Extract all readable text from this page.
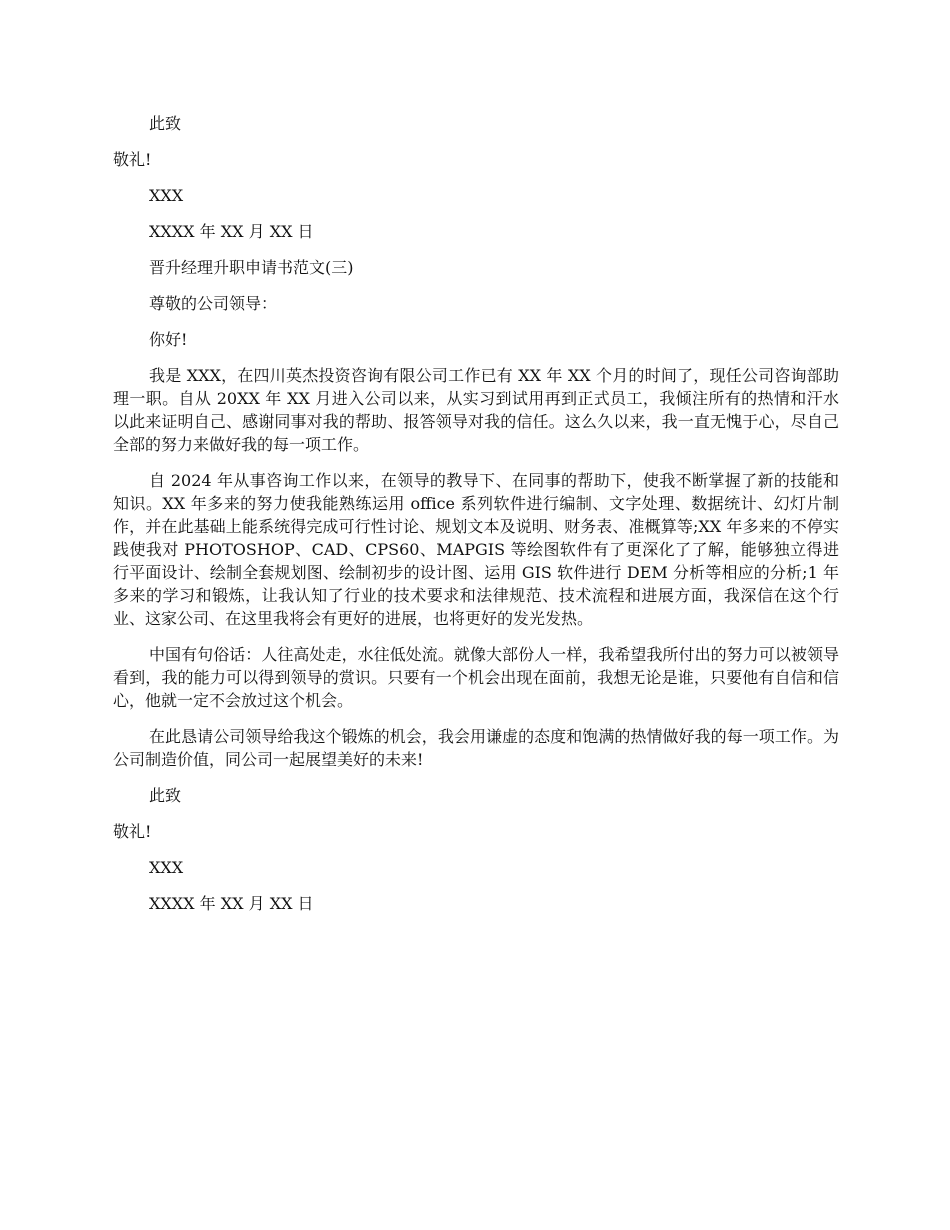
此致
敬礼!
XXX
XXXX 年 XX 月 XX 日
晋升经理升职申请书范文(三)
尊敬的公司领导：
你好!

我是 XXX，在四川英杰投资咨询有限公司工作已有 XX 年 XX 个月的时间了，现任公司咨询部助理一职。自从 20XX 年 XX 月进入公司以来，从实习到试用再到正式员工，我倾注所有的热情和汗水以此来证明自己、感谢同事对我的帮助、报答领导对我的信任。这么久以来，我一直无愧于心，尽自己全部的努力来做好我的每一项工作。

自 2024 年从事咨询工作以来，在领导的教导下、在同事的帮助下，使我不断掌握了新的技能和知识。XX 年多来的努力使我能熟练运用 office 系列软件进行编制、文字处理、数据统计、幻灯片制作，并在此基础上能系统得完成可行性讨论、规划文本及说明、财务表、准概算等;XX 年多来的不停实践使我对 PHOTOSHOP、CAD、CPS60、MAPGIS 等绘图软件有了更深化了了解，能够独立得进行平面设计、绘制全套规划图、绘制初步的设计图、运用 GIS 软件进行 DEM 分析等相应的分析;1 年多来的学习和锻炼，让我认知了行业的技术要求和法律规范、技术流程和进展方面，我深信在这个行业、这家公司、在这里我将会有更好的进展，也将更好的发光发热。

中国有句俗话：人往高处走，水往低处流。就像大部份人一样，我希望我所付出的努力可以被领导看到，我的能力可以得到领导的赏识。只要有一个机会出现在面前，我想无论是谁，只要他有自信和信心，他就一定不会放过这个机会。

在此恳请公司领导给我这个锻炼的机会，我会用谦虚的态度和饱满的热情做好我的每一项工作。为公司制造价值，同公司一起展望美好的未来!

此致
敬礼!
XXX
XXXX 年 XX 月 XX 日
